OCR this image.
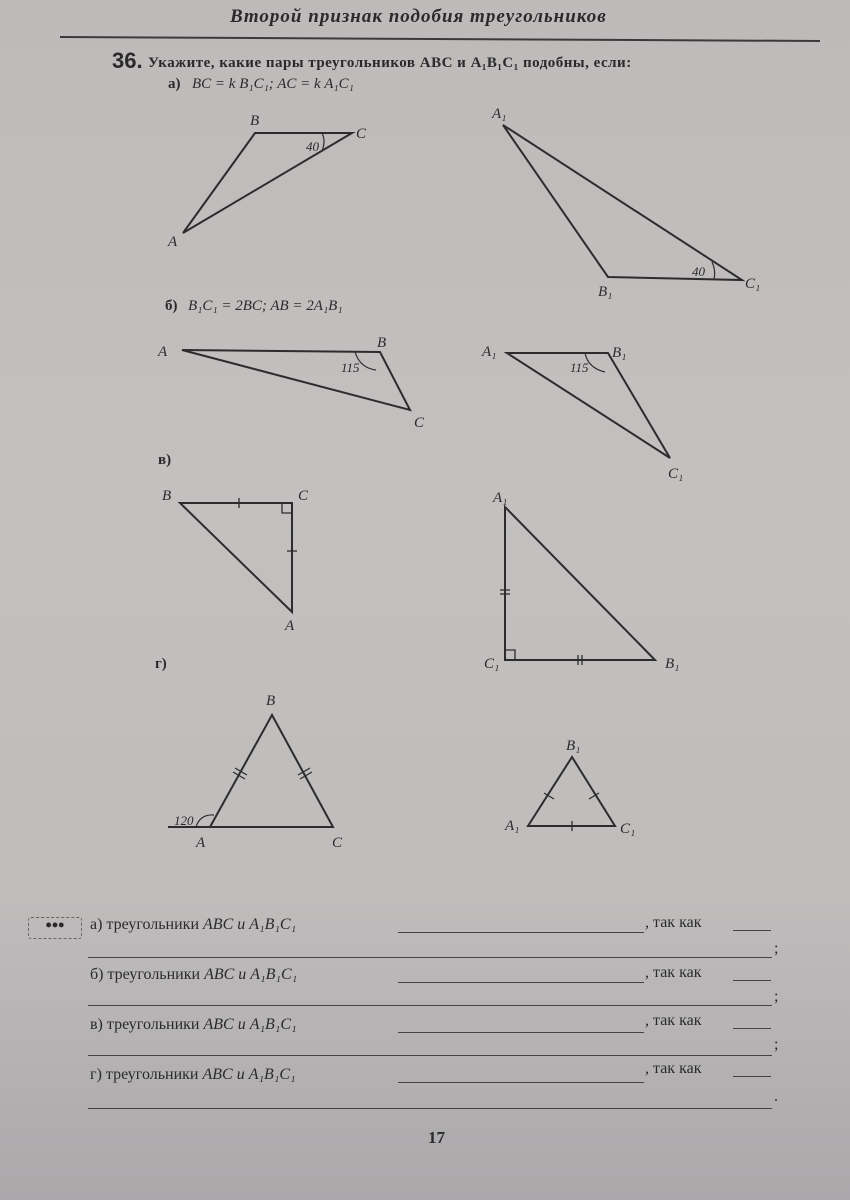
Второй признак подобия треугольников
36. Укажите, какие пары треугольников ABC и A₁B₁C₁ подобны, если:
а) BC = k B₁C₁; AC = k A₁C₁
б) B₁C₁ = 2BC; AB = 2A₁B₁
в)
г)
B
C
A
40
A₁
B₁	C₁
40
A
B
C
115
A₁	B₁
C₁
115
B	C
A
A₁
C₁	B₁
B
A	C
120
B₁
A₁	C₁
•••	а) треугольники ABC и A₁B₁C₁	, так как
;
б) треугольники ABC и A₁B₁C₁	, так как
;
в) треугольники ABC и A₁B₁C₁	, так как
;
г) треугольники ABC и A₁B₁C₁	, так как
.
17
